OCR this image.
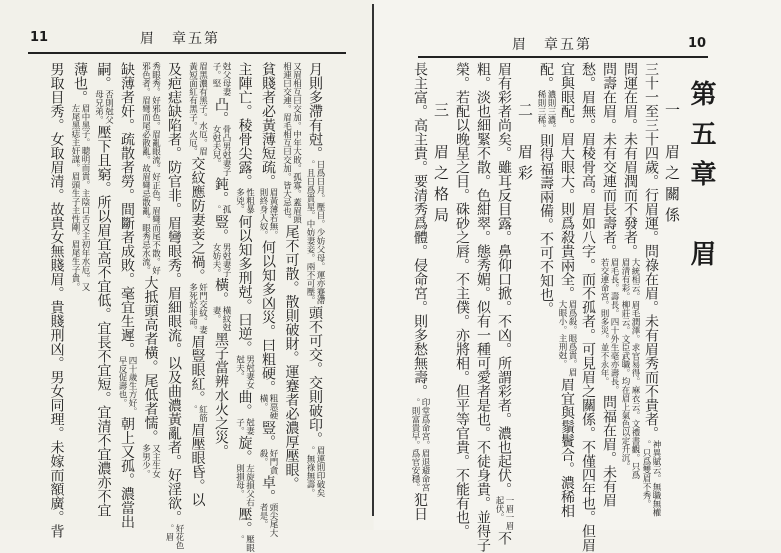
11	眉　章五第
月則多滯有尅。日爲日月。壓目。少妨父母。運亦蹇滯。且日爲貴星。中妨妻妾。兩不可壓。頭不可交。交則破印。眉連則印破矣。無祿無壽。
又眉相互曰交加。中年大敗。孤寡。蓋眉頭相連曰交連。眉毛相互曰交加。皆大忌也。尾不可散。散則破財。運蹇者必濃厚壓眼。
貧賤者必黃薄短疏。眉黃薄若無。則終身人奴。何以知多凶災。曰粗硬。粗惡硬橫。豎。好門貪殺。卓。頭尖尾大者是。
主陣亡。稜骨尖露。性粗暴多兇。何以知多刑尅。曰逆。男尅妻女尅夫。曲。尅妻子。旋。左旋損父右則損母。壓。壓眼。
尅父母妻子。堅凸。骨凸男尅妻子女尅夫兒。鈍。孤。豎。男尅妻子女妨夫。橫。橫紋尅妻。黑子當辨水火之災。
眉黑濃有黑子。水厄。眉黃短面紅有黑子。火厄。交紋應防妻妾之禍。奸門交紋。妻多死於非命。眉豎眼紅。紅筋。眉壓眼昏。以
及疤痣缺陷者。防官非。眉彎眼秀。眉細眼流。以及曲濃黃亂者。好淫欲。好花色。眉
秀眼秀。好邪色。眉亂眼流。好正色。眉彎而尾不散。好邪色者。眉彎而尾必散亂。故眉彎忌散亂。眼秀忌水流。大抵頭高者橫。尾低者懦。又主生女多男少。
缺薄者奸。疏散者勞。間斷者成敗。毫宜生遲。四十歲生方好。早反促壽也。朝上又孤。濃當出
嗣。否則尅父母兄弟。壓下且窮。所以眉宜高不宜低。宜長不宜短。宜清不宜濃亦不宜
薄也。眉中黑子。聰明而貴。主陰口舌又主初年水厄。又左尾黑痣主奸謀。眉頭生子主性剛。眉尾生子貴。
男取目秀。女取眉清。故貴女無賤眉。貴賤刑凶。男女同理。未嫁而額廣。背
眉　章五第	10
第五章　眉
一　眉之關係
三十一至三十四歲。行眉運。問祿在眉。未有眉秀而不貴者。神異賦云。無職無權。只爲雙眉不秀。
問運在眉。未有眉潤而不發者。大統相云。眉毛潤澤。求官易得。麻衣云。文禮書觀。只爲眉清有彩。柳莊云。文臣武職。均在眉上氣色以定升沉。
問壽在眉。未有交連而長壽者。眉毛長。壽長。四十外生毫亦壽長。若交連命宮。則多災。並不永年。問福在眉。未有眉
愁。眉無。眉稜骨高。眉如八字。而不孤者。可見眉之關係。不僅四年也。但眉
宜與眼配。眉大眼大。則爲殺貴兩全。眉爲殺。眼爲貴。眉大眼小。主刑尅。眉宜與鬚鬢合。濃稀相
配。濃則三濃。稀則三稀。則得福壽兩備。不可不知也。
二　眉彩
眉有彩者尚矣。雖耳反目露。鼻仰口掀。不凶。所謂彩者。濃也起伏。一眉一眉起伏。不
粗。淡也細緊不散。色紺翠。態秀媚。似有一種可愛者是也。不徒身貴。並得子
榮。若配以晚星之目。硃砂之唇。不主僕。亦將相。但平等官貴。不能有也。
三　眉之格局
長主富。高主貴。要清秀爲體。侵命宮。則多愁無壽。印堂爲命宮。眉退避命宮。則富貴早。爲官安穩。犯日
